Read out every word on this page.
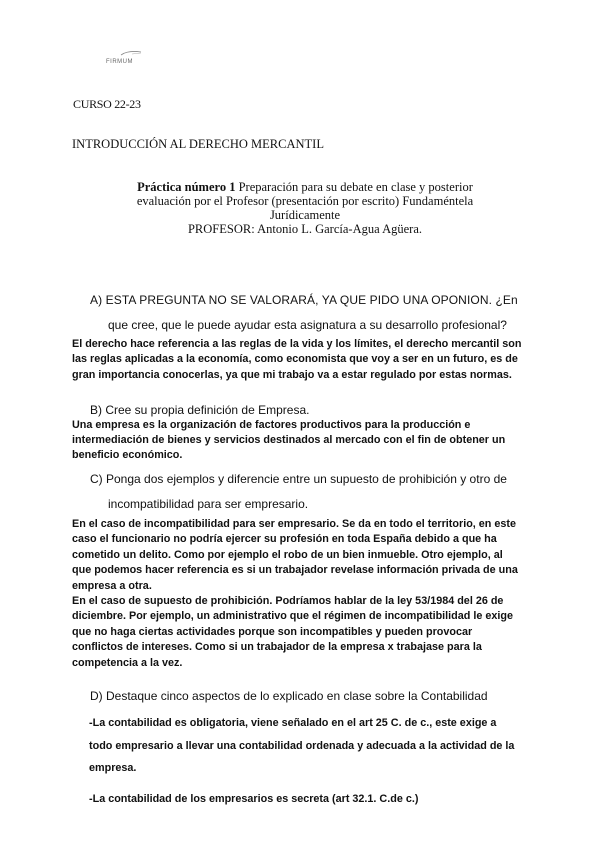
FIRMUM
CURSO 22-23
INTRODUCCIÓN AL DERECHO MERCANTIL
Práctica número 1 Preparación para su debate en clase y posterior
evaluación por el Profesor (presentación por escrito) Fundaméntela
Jurídicamente
PROFESOR: Antonio L. García-Agua Agüera.
A) ESTA PREGUNTA NO SE VALORARÁ, YA QUE PIDO UNA OPONION. ¿En
que cree, que le puede ayudar esta asignatura a su desarrollo profesional?

El derecho hace referencia a las reglas de la vida y los límites, el derecho mercantil son

las reglas aplicadas a la economía, como economista que voy a ser en un futuro, es de

gran importancia conocerlas, ya que mi trabajo va a estar regulado por estas normas.

B) Cree su propia definición de Empresa.

Una empresa es la organización de factores productivos para la producción e

intermediación de bienes y servicios destinados al mercado con el fin de obtener un

beneficio económico.

C) Ponga dos ejemplos y diferencie entre un supuesto de prohibición y otro de
incompatibilidad para ser empresario.

En el caso de incompatibilidad para ser empresario. Se da en todo el territorio, en este

caso el funcionario no podría ejercer su profesión en toda España debido a que ha

cometido un delito. Como por ejemplo el robo de un bien inmueble. Otro ejemplo, al

que podemos hacer referencia es si un trabajador revelase información privada de una

empresa a otra.

En el caso de supuesto de prohibición. Podríamos hablar de la ley 53/1984 del 26 de

diciembre. Por ejemplo, un administrativo que el régimen de incompatibilidad le exige

que no haga ciertas actividades porque son incompatibles y pueden provocar

conflictos de intereses. Como si un trabajador de la empresa x trabajase para la

competencia a la vez.

D) Destaque cinco aspectos de lo explicado en clase sobre la Contabilidad

-La contabilidad es obligatoria, viene señalado en el art 25 C. de c., este exige a

todo empresario a llevar una contabilidad ordenada y adecuada a la actividad de la

empresa.

-La contabilidad de los empresarios es secreta (art 32.1. C.de c.)
